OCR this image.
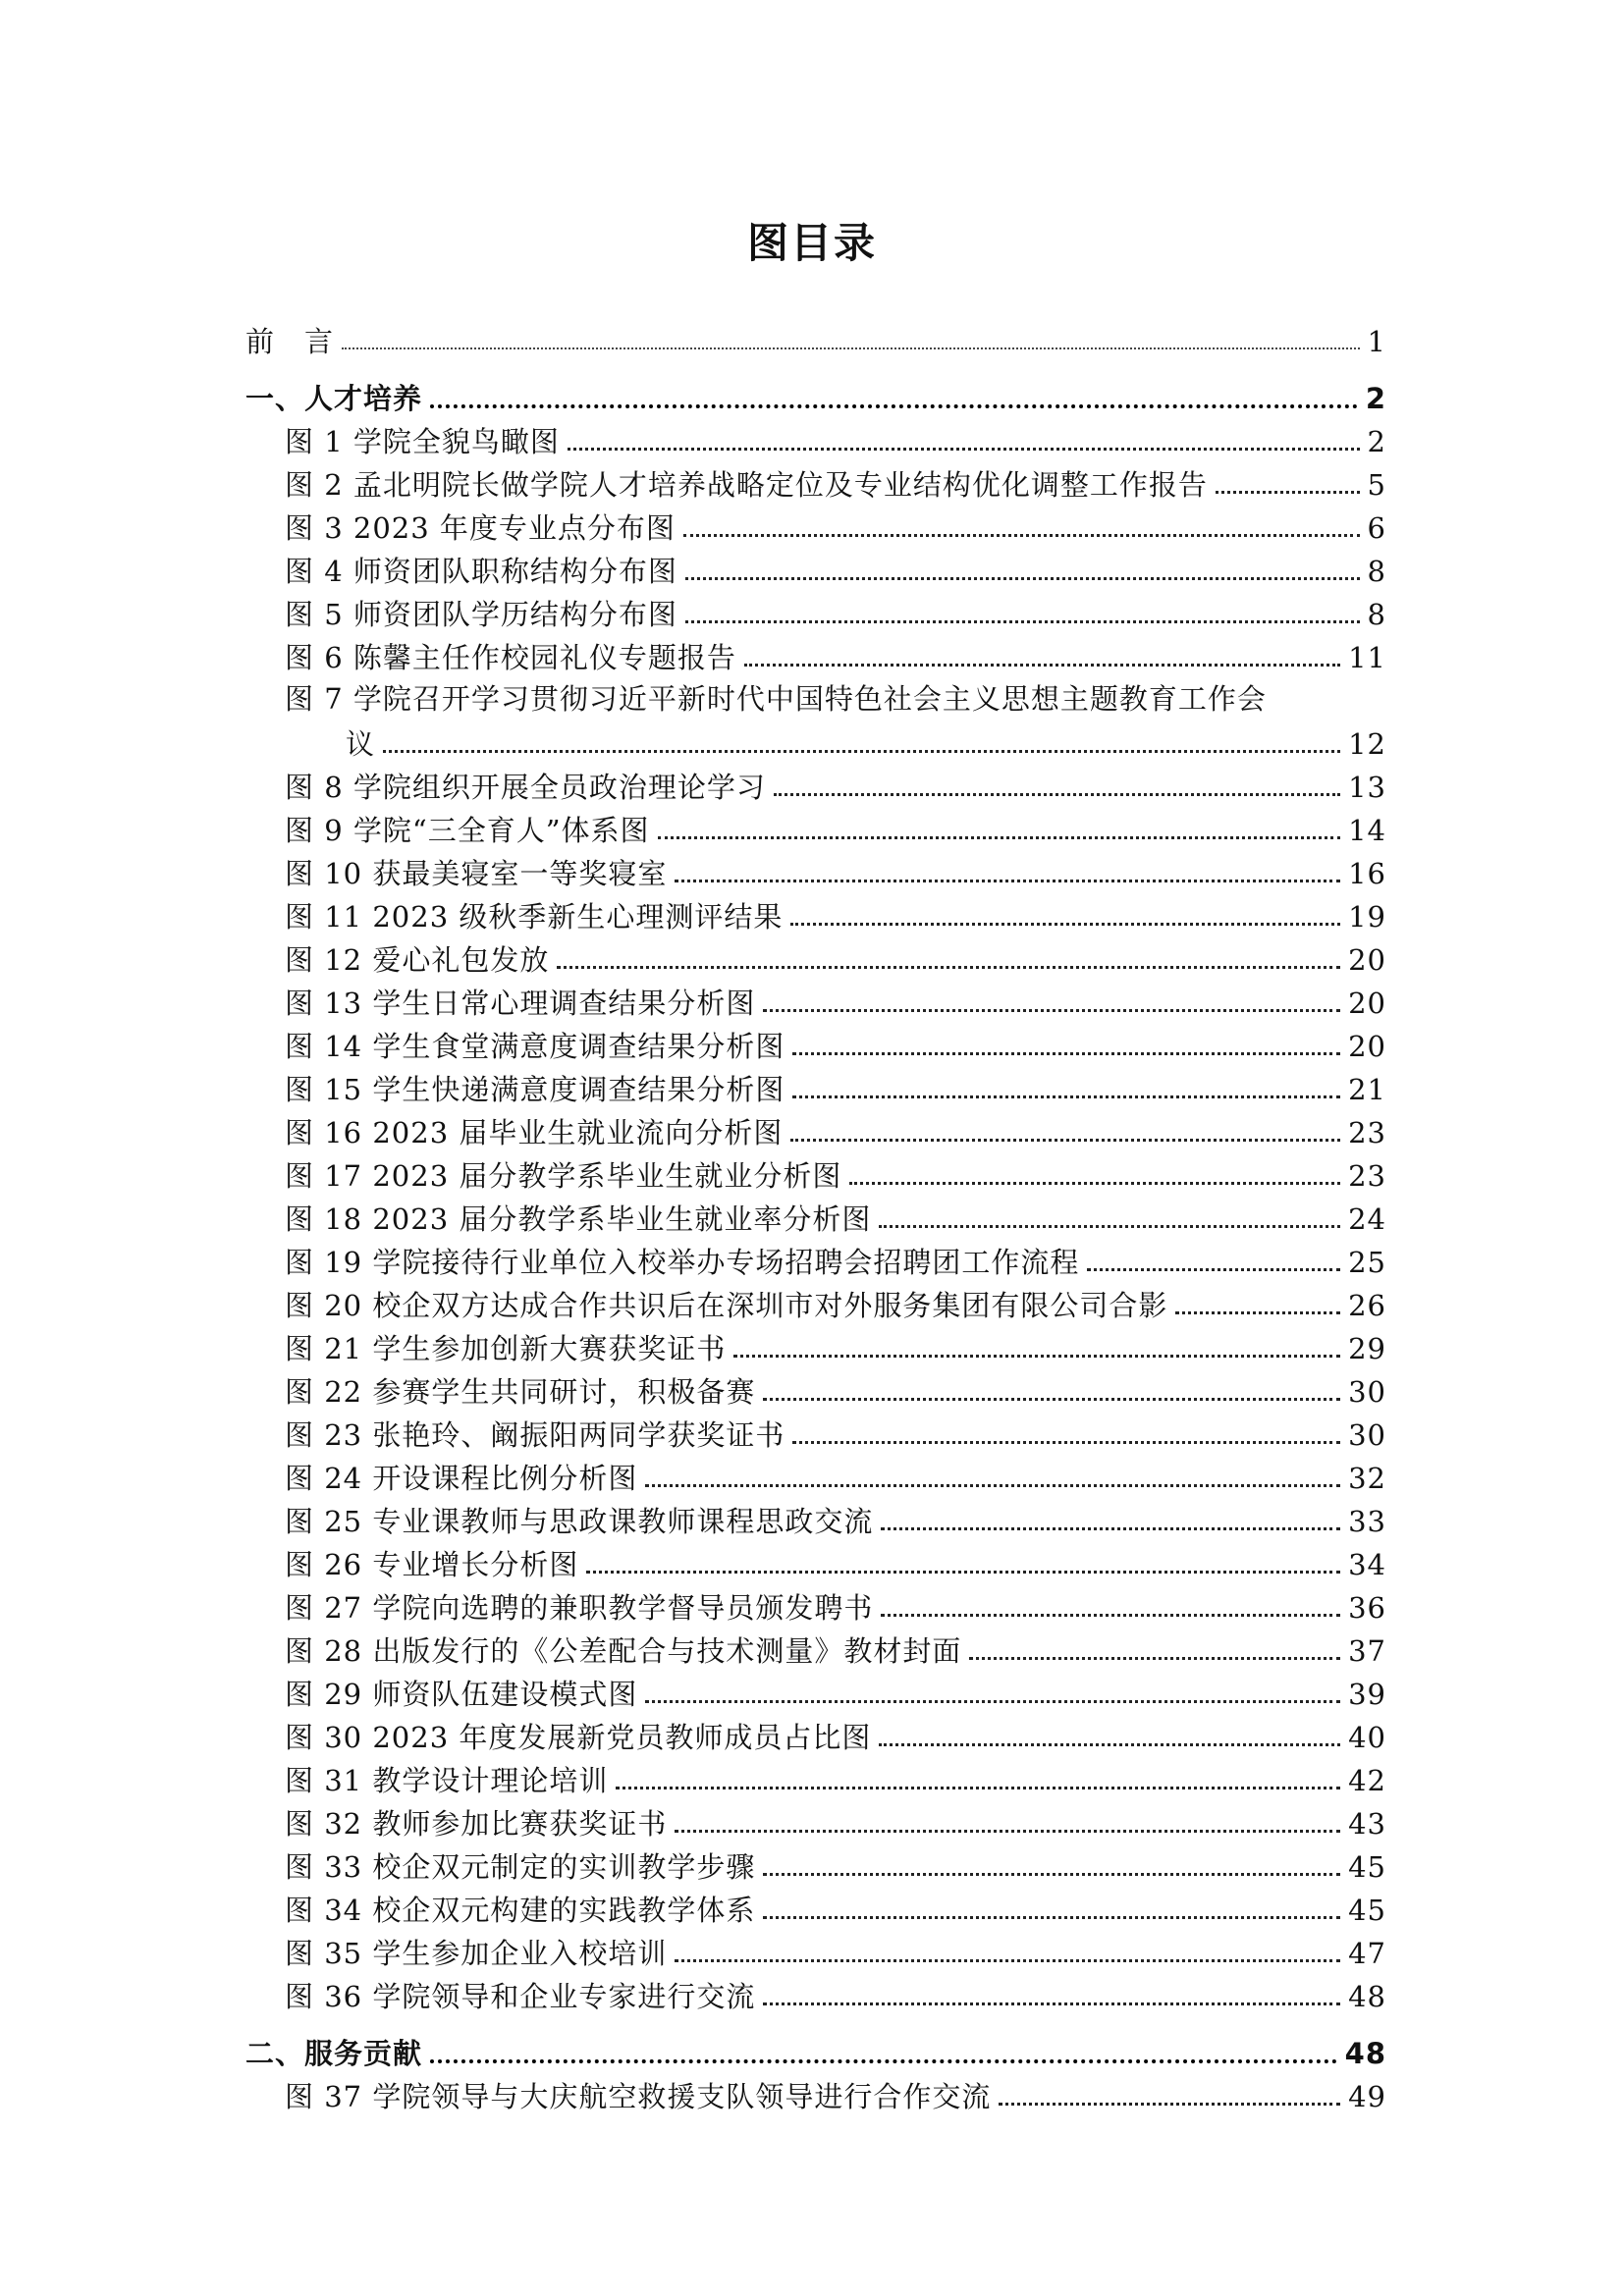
图目录
前　言	1
一、人才培养	2
图 1 学院全貌鸟瞰图	2
图 2 孟北明院长做学院人才培养战略定位及专业结构优化调整工作报告	5
图 3 2023 年度专业点分布图	6
图 4 师资团队职称结构分布图	8
图 5 师资团队学历结构分布图	8
图 6 陈馨主任作校园礼仪专题报告	11
图 7 学院召开学习贯彻习近平新时代中国特色社会主义思想主题教育工作会
议	12
图 8 学院组织开展全员政治理论学习	13
图 9 学院“三全育人”体系图	14
图 10 获最美寝室一等奖寝室	16
图 11 2023 级秋季新生心理测评结果	19
图 12 爱心礼包发放	20
图 13 学生日常心理调查结果分析图	20
图 14 学生食堂满意度调查结果分析图	20
图 15 学生快递满意度调查结果分析图	21
图 16 2023 届毕业生就业流向分析图	23
图 17 2023 届分教学系毕业生就业分析图	23
图 18 2023 届分教学系毕业生就业率分析图	24
图 19 学院接待行业单位入校举办专场招聘会招聘团工作流程	25
图 20 校企双方达成合作共识后在深圳市对外服务集团有限公司合影	26
图 21 学生参加创新大赛获奖证书	29
图 22 参赛学生共同研讨，积极备赛	30
图 23 张艳玲、阚振阳两同学获奖证书	30
图 24 开设课程比例分析图	32
图 25 专业课教师与思政课教师课程思政交流	33
图 26 专业增长分析图	34
图 27 学院向选聘的兼职教学督导员颁发聘书	36
图 28 出版发行的《公差配合与技术测量》教材封面	37
图 29 师资队伍建设模式图	39
图 30 2023 年度发展新党员教师成员占比图	40
图 31 教学设计理论培训	42
图 32 教师参加比赛获奖证书	43
图 33 校企双元制定的实训教学步骤	45
图 34 校企双元构建的实践教学体系	45
图 35 学生参加企业入校培训	47
图 36 学院领导和企业专家进行交流	48
二、服务贡献	48
图 37 学院领导与大庆航空救援支队领导进行合作交流	49
